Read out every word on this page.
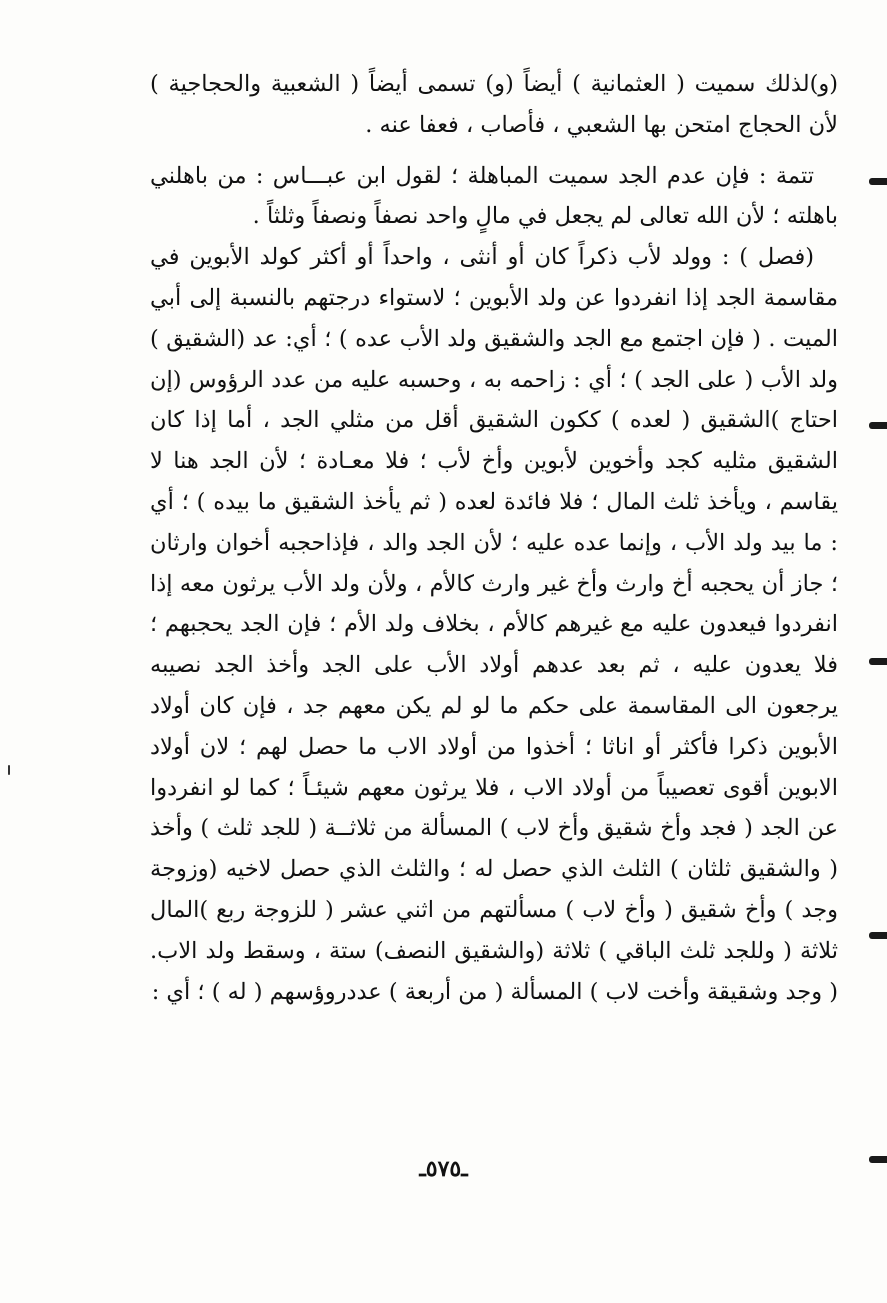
(و)لذلك سميت ( العثمانية ) أيضاً (و) تسمى أيضاً ( الشعبية والحجاجية ) لأن الحجاج امتحن بها الشعبي ، فأصاب ، فعفا عنه .

تتمة : فإن عدم الجد سميت المباهلة ؛ لقول ابن عبـــاس : من باهلني باهلته ؛ لأن الله تعالى لم يجعل في مالٍ واحد نصفاً ونصفاً وثلثاً .

(فصل ) : وولد لأب ذكراً كان أو أنثى ، واحداً أو أكثر كولد الأبوين في مقاسمة الجد إذا انفردوا عن ولد الأبوين ؛ لاستواء درجتهم بالنسبة إلى أبي الميت . ( فإن اجتمع مع الجد والشقيق ولد الأب عده ) ؛ أي: عد (الشقيق ) ولد الأب ( على الجد ) ؛ أي : زاحمه به ، وحسبه عليه من عدد الرؤوس (إن احتاج )الشقيق ( لعده ) ككون الشقيق أقل من مثلي الجد ، أما إذا كان الشقيق مثليه كجد وأخوين لأبوين وأخ لأب ؛ فلا معـادة ؛ لأن الجد هنا لا يقاسم ، ويأخذ ثلث المال ؛ فلا فائدة لعده ( ثم يأخذ الشقيق ما بيده ) ؛ أي : ما بيد ولد الأب ، وإنما عده عليه ؛ لأن الجد والد ، فإذاحجبه أخوان وارثان ؛ جاز أن يحجبه أخ وارث وأخ غير وارث كالأم ، ولأن ولد الأب يرثون معه إذا انفردوا فيعدون عليه مع غيرهم كالأم ، بخلاف ولد الأم ؛ فإن الجد يحجبهم ؛ فلا يعدون عليه ، ثم بعد عدهم أولاد الأب على الجد وأخذ الجد نصيبه يرجعون الى المقاسمة على حكم ما لو لم يكن معهم جد ، فإن كان أولاد الأبوين ذكرا فأكثر أو اناثا ؛ أخذوا من أولاد الاب ما حصل لهم ؛ لان أولاد الابوين أقوى تعصيباً من أولاد الاب ، فلا يرثون معهم شيئـاً ؛ كما لو انفردوا عن الجد ( فجد وأخ شقيق وأخ لاب ) المسألة من ثلاثــة ( للجد ثلث ) وأخذ ( والشقيق ثلثان ) الثلث الذي حصل له ؛ والثلث الذي حصل لاخيه (وزوجة وجد ) وأخ شقيق ( وأخ لاب ) مسألتهم من اثني عشر ( للزوجة ربع )المال ثلاثة ( وللجد ثلث الباقي ) ثلاثة (والشقيق النصف) ستة ، وسقط ولد الاب. ( وجد وشقيقة وأخت لاب ) المسألة ( من أربعة ) عددروؤسهم ( له ) ؛ أي :

ـ٥٧٥ـ
